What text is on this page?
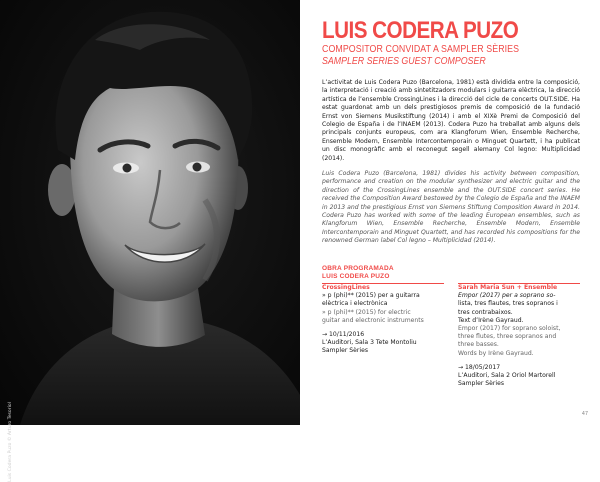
Luis Codera Puzo © Arturo Tesoriol
LUIS CODERA PUZO
COMPOSITOR CONVIDAT A SAMPLER SÈRIES
SAMPLER SERIES GUEST COMPOSER
L’activitat de Luis Codera Puzo (Barcelona, 1981) està dividida entre la composició, la interpretació i creació amb sintetitzadors modulars i guitarra elèctrica, la direcció artística de l’ensemble CrossingLines i la direcció del cicle de concerts OUT.SIDE. Ha estat guardonat amb un dels prestigiosos premis de composició de la fundació Ernst von Siemens Musikstiftung (2014) i amb el XIXè Premi de Composició del Colegio de España i de l’INAEM (2013). Codera Puzo ha treballat amb alguns dels principals conjunts europeus, com ara Klangforum Wien, Ensemble Recherche, Ensemble Modern, Ensemble Intercontemporain o Minguet Quartett, i ha publicat un disc monogràfic amb el reconegut segell alemany Col legno: Multiplicidad (2014).
Luis Codera Puzo (Barcelona, 1981) divides his activity between composition, performance and creation on the modular synthesizer and electric guitar and the direction of the CrossingLines ensemble and the OUT.SIDE concert series. He received the Composition Award bestowed by the Colegio de España and the INAEM in 2013 and the prestigious Ernst von Siemens Stiftung Composition Award in 2014. Codera Puzo has worked with some of the leading European ensembles, such as Klangforum Wien, Ensemble Recherche, Ensemble Modern, Ensemble Intercontemporain and Minguet Quartett, and has recorded his compositions for the renowned German label Col legno – Multiplicidad (2014).
OBRA PROGRAMADA
LUIS CODERA PUZO
CrossingLines
» p (phi)** (2015) per a guitarra
elèctrica i electrònica
» p (phi)** (2015) for electric
guitar and electronic instruments
→ 10/11/2016
L’Auditori, Sala 3 Tete Montoliu
Sampler Sèries
Sarah Maria Sun + Ensemble
Empor (2017) per a soprano so-
lista, tres flautes, tres sopranos i
tres contrabaixos.
Text d’Irène Gayraud.
Empor (2017) for soprano soloist,
three flutes, three sopranos and
three basses.
Words by Irène Gayraud.
→ 18/05/2017
L’Auditori, Sala 2 Oriol Martorell
Sampler Sèries
47
